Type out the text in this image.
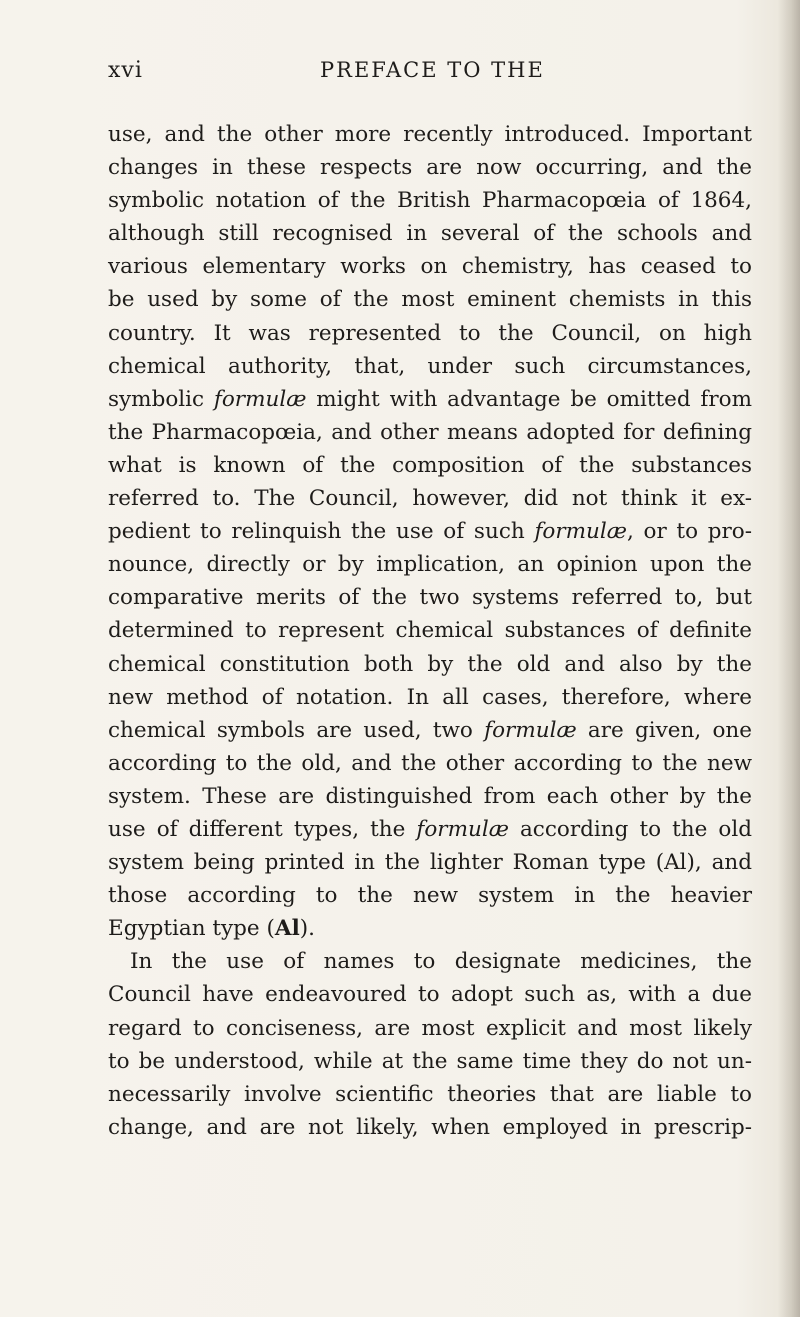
xvi	PREFACE TO THE
use, and the other more recently introduced. Important
changes in these respects are now occurring, and the
symbolic notation of the British Pharmacopœia of 1864,
although still recognised in several of the schools and
various elementary works on chemistry, has ceased to
be used by some of the most eminent chemists in this
country. It was represented to the Council, on high
chemical authority, that, under such circumstances,
symbolic formulæ might with advantage be omitted from
the Pharmacopœia, and other means adopted for defining
what is known of the composition of the substances
referred to. The Council, however, did not think it ex-
pedient to relinquish the use of such formulæ, or to pro-
nounce, directly or by implication, an opinion upon the
comparative merits of the two systems referred to, but
determined to represent chemical substances of definite
chemical constitution both by the old and also by the
new method of notation. In all cases, therefore, where
chemical symbols are used, two formulæ are given, one
according to the old, and the other according to the new
system. These are distinguished from each other by the
use of different types, the formulæ according to the old
system being printed in the lighter Roman type (Al), and
those according to the new system in the heavier
Egyptian type (Al).
In the use of names to designate medicines, the
Council have endeavoured to adopt such as, with a due
regard to conciseness, are most explicit and most likely
to be understood, while at the same time they do not un-
necessarily involve scientific theories that are liable to
change, and are not likely, when employed in prescrip-
